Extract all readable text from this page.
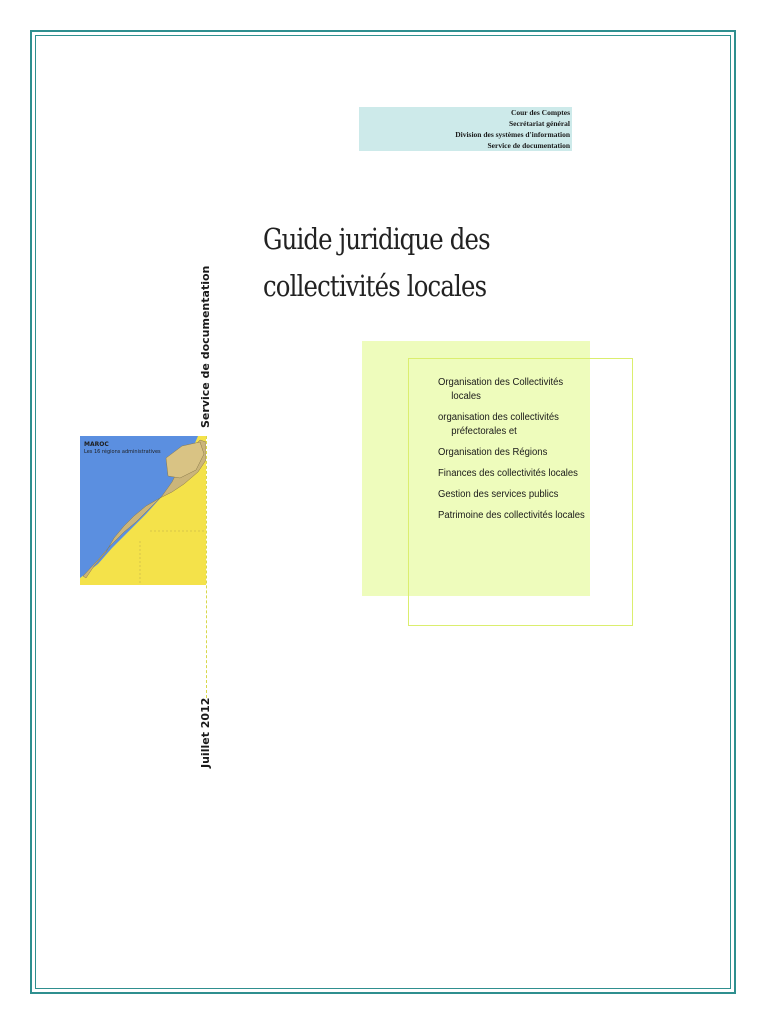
Cour des Comptes
Secrétariat général
Division des systèmes d'information
Service de documentation
Guide juridique des
collectivités locales
Organisation des Collectivités
locales
organisation des collectivités
préfectorales et
Organisation des Régions
Finances des collectivités locales
Gestion des services publics
Patrimoine des collectivités locales
Service de documentation
Juillet 2012
MAROC
Les 16 régions administratives
